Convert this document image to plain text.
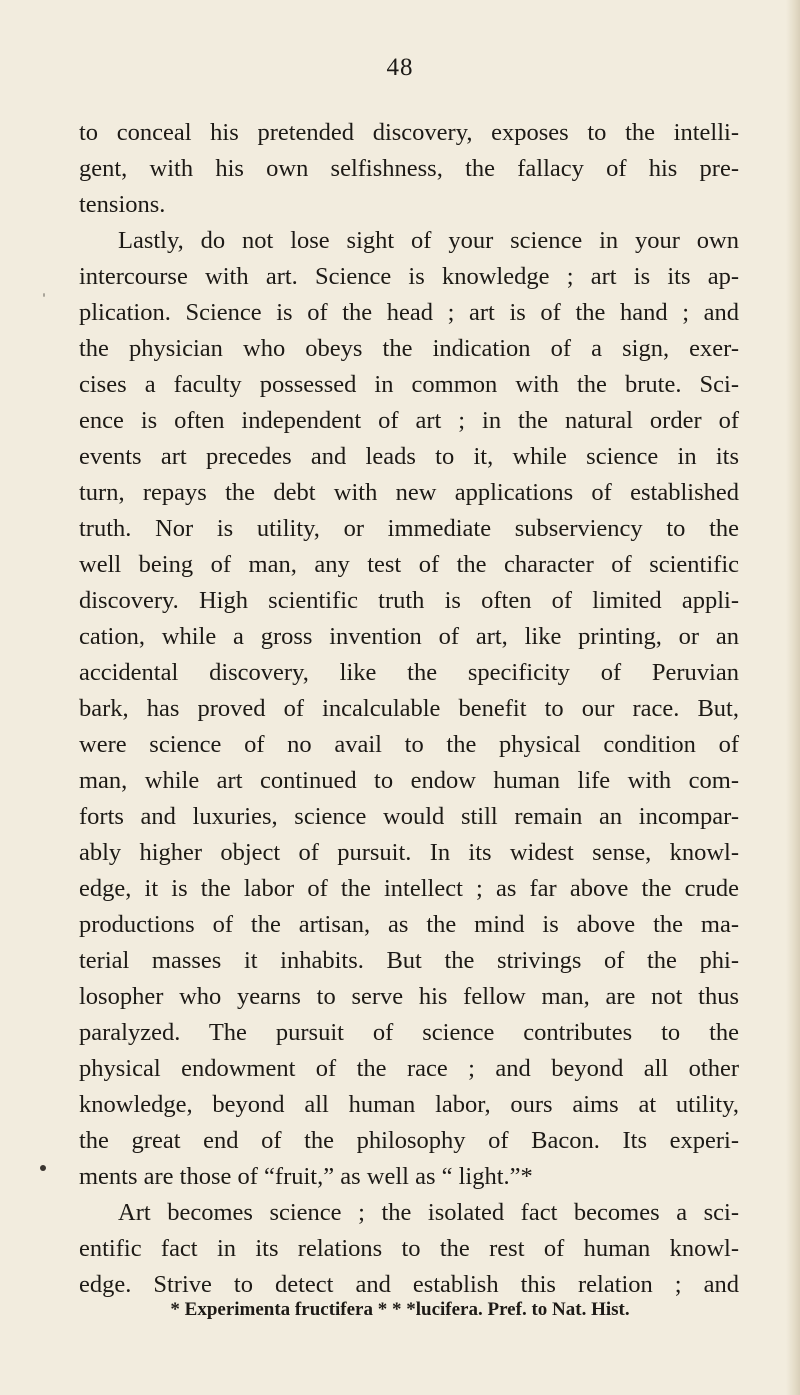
48
to conceal his pretended discovery, exposes to the intelli-
gent, with his own selfishness, the fallacy of his pre-
tensions.
Lastly, do not lose sight of your science in your own
intercourse with art. Science is knowledge ; art is its ap-
plication. Science is of the head ; art is of the hand ; and
the physician who obeys the indication of a sign, exer-
cises a faculty possessed in common with the brute. Sci-
ence is often independent of art ; in the natural order of
events art precedes and leads to it, while science in its
turn, repays the debt with new applications of established
truth. Nor is utility, or immediate subserviency to the
well being of man, any test of the character of scientific
discovery. High scientific truth is often of limited appli-
cation, while a gross invention of art, like printing, or an
accidental discovery, like the specificity of Peruvian
bark, has proved of incalculable benefit to our race. But,
were science of no avail to the physical condition of
man, while art continued to endow human life with com-
forts and luxuries, science would still remain an incompar-
ably higher object of pursuit. In its widest sense, knowl-
edge, it is the labor of the intellect ; as far above the crude
productions of the artisan, as the mind is above the ma-
terial masses it inhabits. But the strivings of the phi-
losopher who yearns to serve his fellow man, are not thus
paralyzed. The pursuit of science contributes to the
physical endowment of the race ; and beyond all other
knowledge, beyond all human labor, ours aims at utility,
the great end of the philosophy of Bacon. Its experi-
ments are those of “fruit,” as well as “ light.”*
Art becomes science ; the isolated fact becomes a sci-
entific fact in its relations to the rest of human knowl-
edge. Strive to detect and establish this relation ; and
* Experimenta fructifera * * *lucifera. Pref. to Nat. Hist.
